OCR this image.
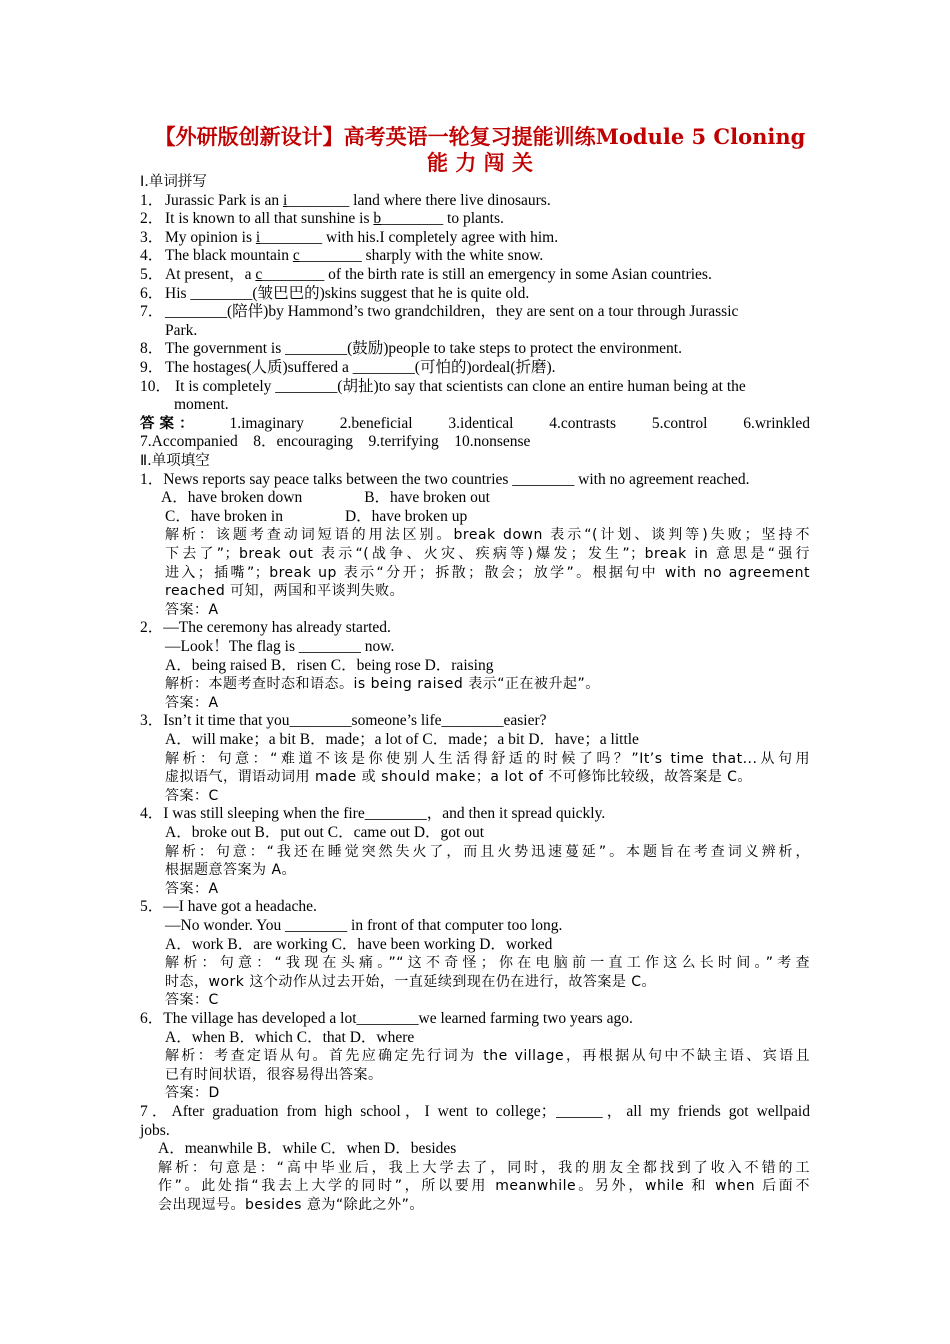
【外研版创新设计】高考英语一轮复习提能训练Module 5 Cloning
能 力 闯 关
Ⅰ.单词拼写
1． Jurassic Park is an i________ land where there live dinosaurs.
2． It is known to all that sunshine is b________ to plants.
3． My opinion is i________ with his.I completely agree with him.
4． The black mountain c________ sharply with the white snow.
5． At present，a c________ of the birth rate is still an emergency in some Asian countries.
6． His ________(皱巴巴的)skins suggest that he is quite old.
7． ________(陪伴)by Hammond’s two grandchildren，they are sent on a tour through Jurassic
Park.
8． The government is ________(鼓励)people to take steps to protect the environment.
9． The hostages(人质)suffered a ________(可怕的)ordeal(折磨).
10． It is completely ________(胡扯)to say that scientists can clone an entire human being at the
moment.
答 案 ： 1.imaginary 2.beneficial 3.identical 4.contrasts 5.control 6.wrinkled
7.Accompanied　8．encouraging　9.terrifying　10.nonsense
Ⅱ.单项填空
1．News reports say peace talks between the two countries ________ with no agreement reached.
A．have broken down　　　　B．have broken out
C．have broken in　　　　D．have broken up
解析：该题考查动词短语的用法区别。break down 表示“(计划、谈判等)失败；坚持不
下去了”；break out 表示“(战争、火灾、疾病等)爆发；发生”；break in 意思是“强行
进入；插嘴”；break up 表示“分开；拆散；散会；放学”。根据句中 with no agreement
reached 可知，两国和平谈判失败。
答案：A
2．—The ceremony has already started.
—Look！The flag is ________ now.
A．being raised B．risen C．being rose D．raising
解析：本题考查时态和语态。is being raised 表示“正在被升起”。
答案：A
3．Isn’t it time that you________someone’s life________easier?
A．will make；a bit B．made；a lot of C．made；a bit D．have；a little
解析：句意：“难道不该是你使别人生活得舒适的时候了吗？”It’s time that...从句用
虚拟语气，谓语动词用 made 或 should make；a lot of 不可修饰比较级，故答案是 C。
答案：C
4．I was still sleeping when the fire________，and then it spread quickly.
A．broke out B．put out C．came out D．got out
解析：句意：“我还在睡觉突然失火了，而且火势迅速蔓延”。本题旨在考查词义辨析，
根据题意答案为 A。
答案：A
5．—I have got a headache.
—No wonder. You ________ in front of that computer too long.
A．work B．are working C．have been working D．worked
解析：句意：“我现在头痛。”“这不奇怪；你在电脑前一直工作这么长时间。”考查
时态，work 这个动作从过去开始，一直延续到现在仍在进行，故答案是 C。
答案：C
6．The village has developed a lot________we learned farming two years ago.
A．when B．which C．that D．where
解析：考查定语从句。首先应确定先行词为 the village，再根据从句中不缺主语、宾语且
已有时间状语，很容易得出答案。
答案：D
7．After graduation from high school，I went to college；______，all my friends got wellpaid
jobs.
A．meanwhile B．while C．when D．besides
解析：句意是：“高中毕业后，我上大学去了，同时，我的朋友全都找到了收入不错的工
作”。此处指“我去上大学的同时”，所以要用 meanwhile。另外，while 和 when 后面不
会出现逗号。besides 意为“除此之外”。
